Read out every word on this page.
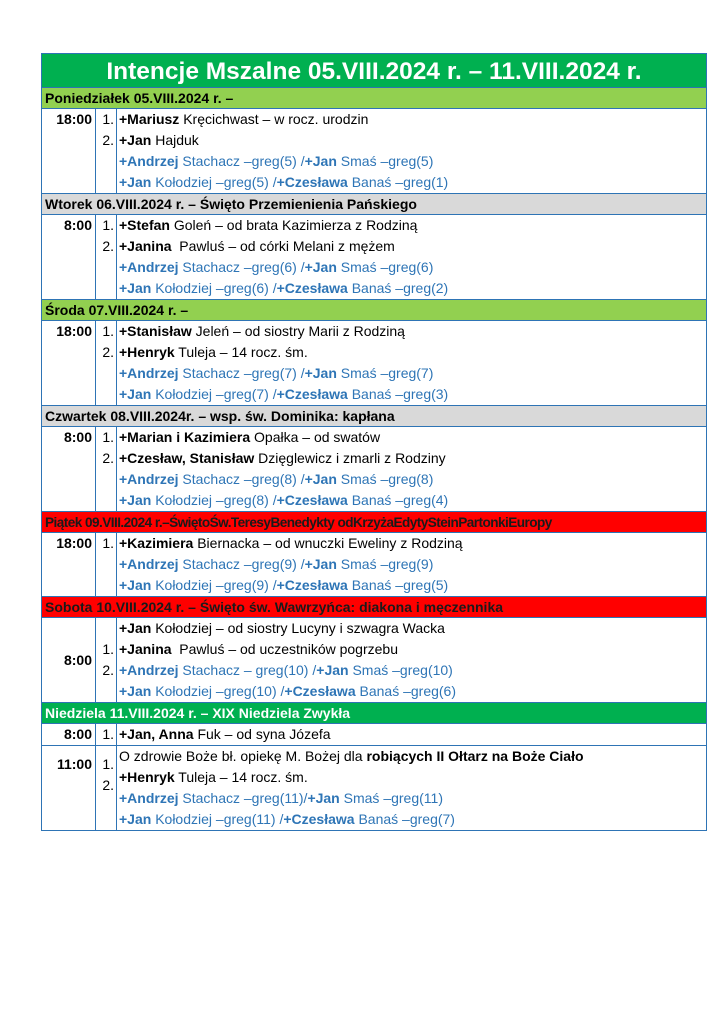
Intencje Mszalne 05.VIII.2024 r. – 11.VIII.2024 r.
Poniedziałek 05.VIII.2024 r. –
18:00 1.
2.
+Mariusz Kręcichwast – w rocz. urodzin
+Jan Hajduk
+Andrzej Stachacz –greg(5) /+Jan Smaś –greg(5)
+Jan Kołodziej –greg(5) /+Czesława Banaś –greg(1)
Wtorek 06.VIII.2024 r. – Święto Przemienienia Pańskiego
8:00 1.
2.
+Stefan Goleń – od brata Kazimierza z Rodziną
+Janina  Pawluś – od córki Melani z mężem
+Andrzej Stachacz –greg(6) /+Jan Smaś –greg(6)
+Jan Kołodziej –greg(6) /+Czesława Banaś –greg(2)
Środa 07.VIII.2024 r. –
18:00 1.
2.
+Stanisław Jeleń – od siostry Marii z Rodziną
+Henryk Tuleja – 14 rocz. śm.
+Andrzej Stachacz –greg(7) /+Jan Smaś –greg(7)
+Jan Kołodziej –greg(7) /+Czesława Banaś –greg(3)
Czwartek 08.VIII.2024r. – wsp. św. Dominika: kapłana
8:00 1.
2.
+Marian i Kazimiera Opałka – od swatów
+Czesław, Stanisław Dzięglewicz i zmarli z Rodziny
+Andrzej Stachacz –greg(8) /+Jan Smaś –greg(8)
+Jan Kołodziej –greg(8) /+Czesława Banaś –greg(4)
Piątek 09.VIII.2024 r.–ŚwiętoŚw.TeresyBenedykty odKrzyżaEdytySteinPartonkiEuropy
18:00 1. +Kazimiera Biernacka – od wnuczki Eweliny z Rodziną
+Andrzej Stachacz –greg(9) /+Jan Smaś –greg(9)
+Jan Kołodziej –greg(9) /+Czesława Banaś –greg(5)
Sobota 10.VIII.2024 r. – Święto św. Wawrzyńca: diakona i męczennika
8:00
1.
2.
+Jan Kołodziej – od siostry Lucyny i szwagra Wacka
+Janina  Pawluś – od uczestników pogrzebu
+Andrzej Stachacz – greg(10) /+Jan Smaś –greg(10)
+Jan Kołodziej –greg(10) /+Czesława Banaś –greg(6)
Niedziela 11.VIII.2024 r. – XIX Niedziela Zwykła
8:00 1. +Jan, Anna Fuk – od syna Józefa
11:00 1.
2.
O zdrowie Boże bł. opiekę M. Bożej dla robiących II Ołtarz na Boże Ciało
+Henryk Tuleja – 14 rocz. śm.
+Andrzej Stachacz –greg(11)/+Jan Smaś –greg(11)
+Jan Kołodziej –greg(11) /+Czesława Banaś –greg(7)
